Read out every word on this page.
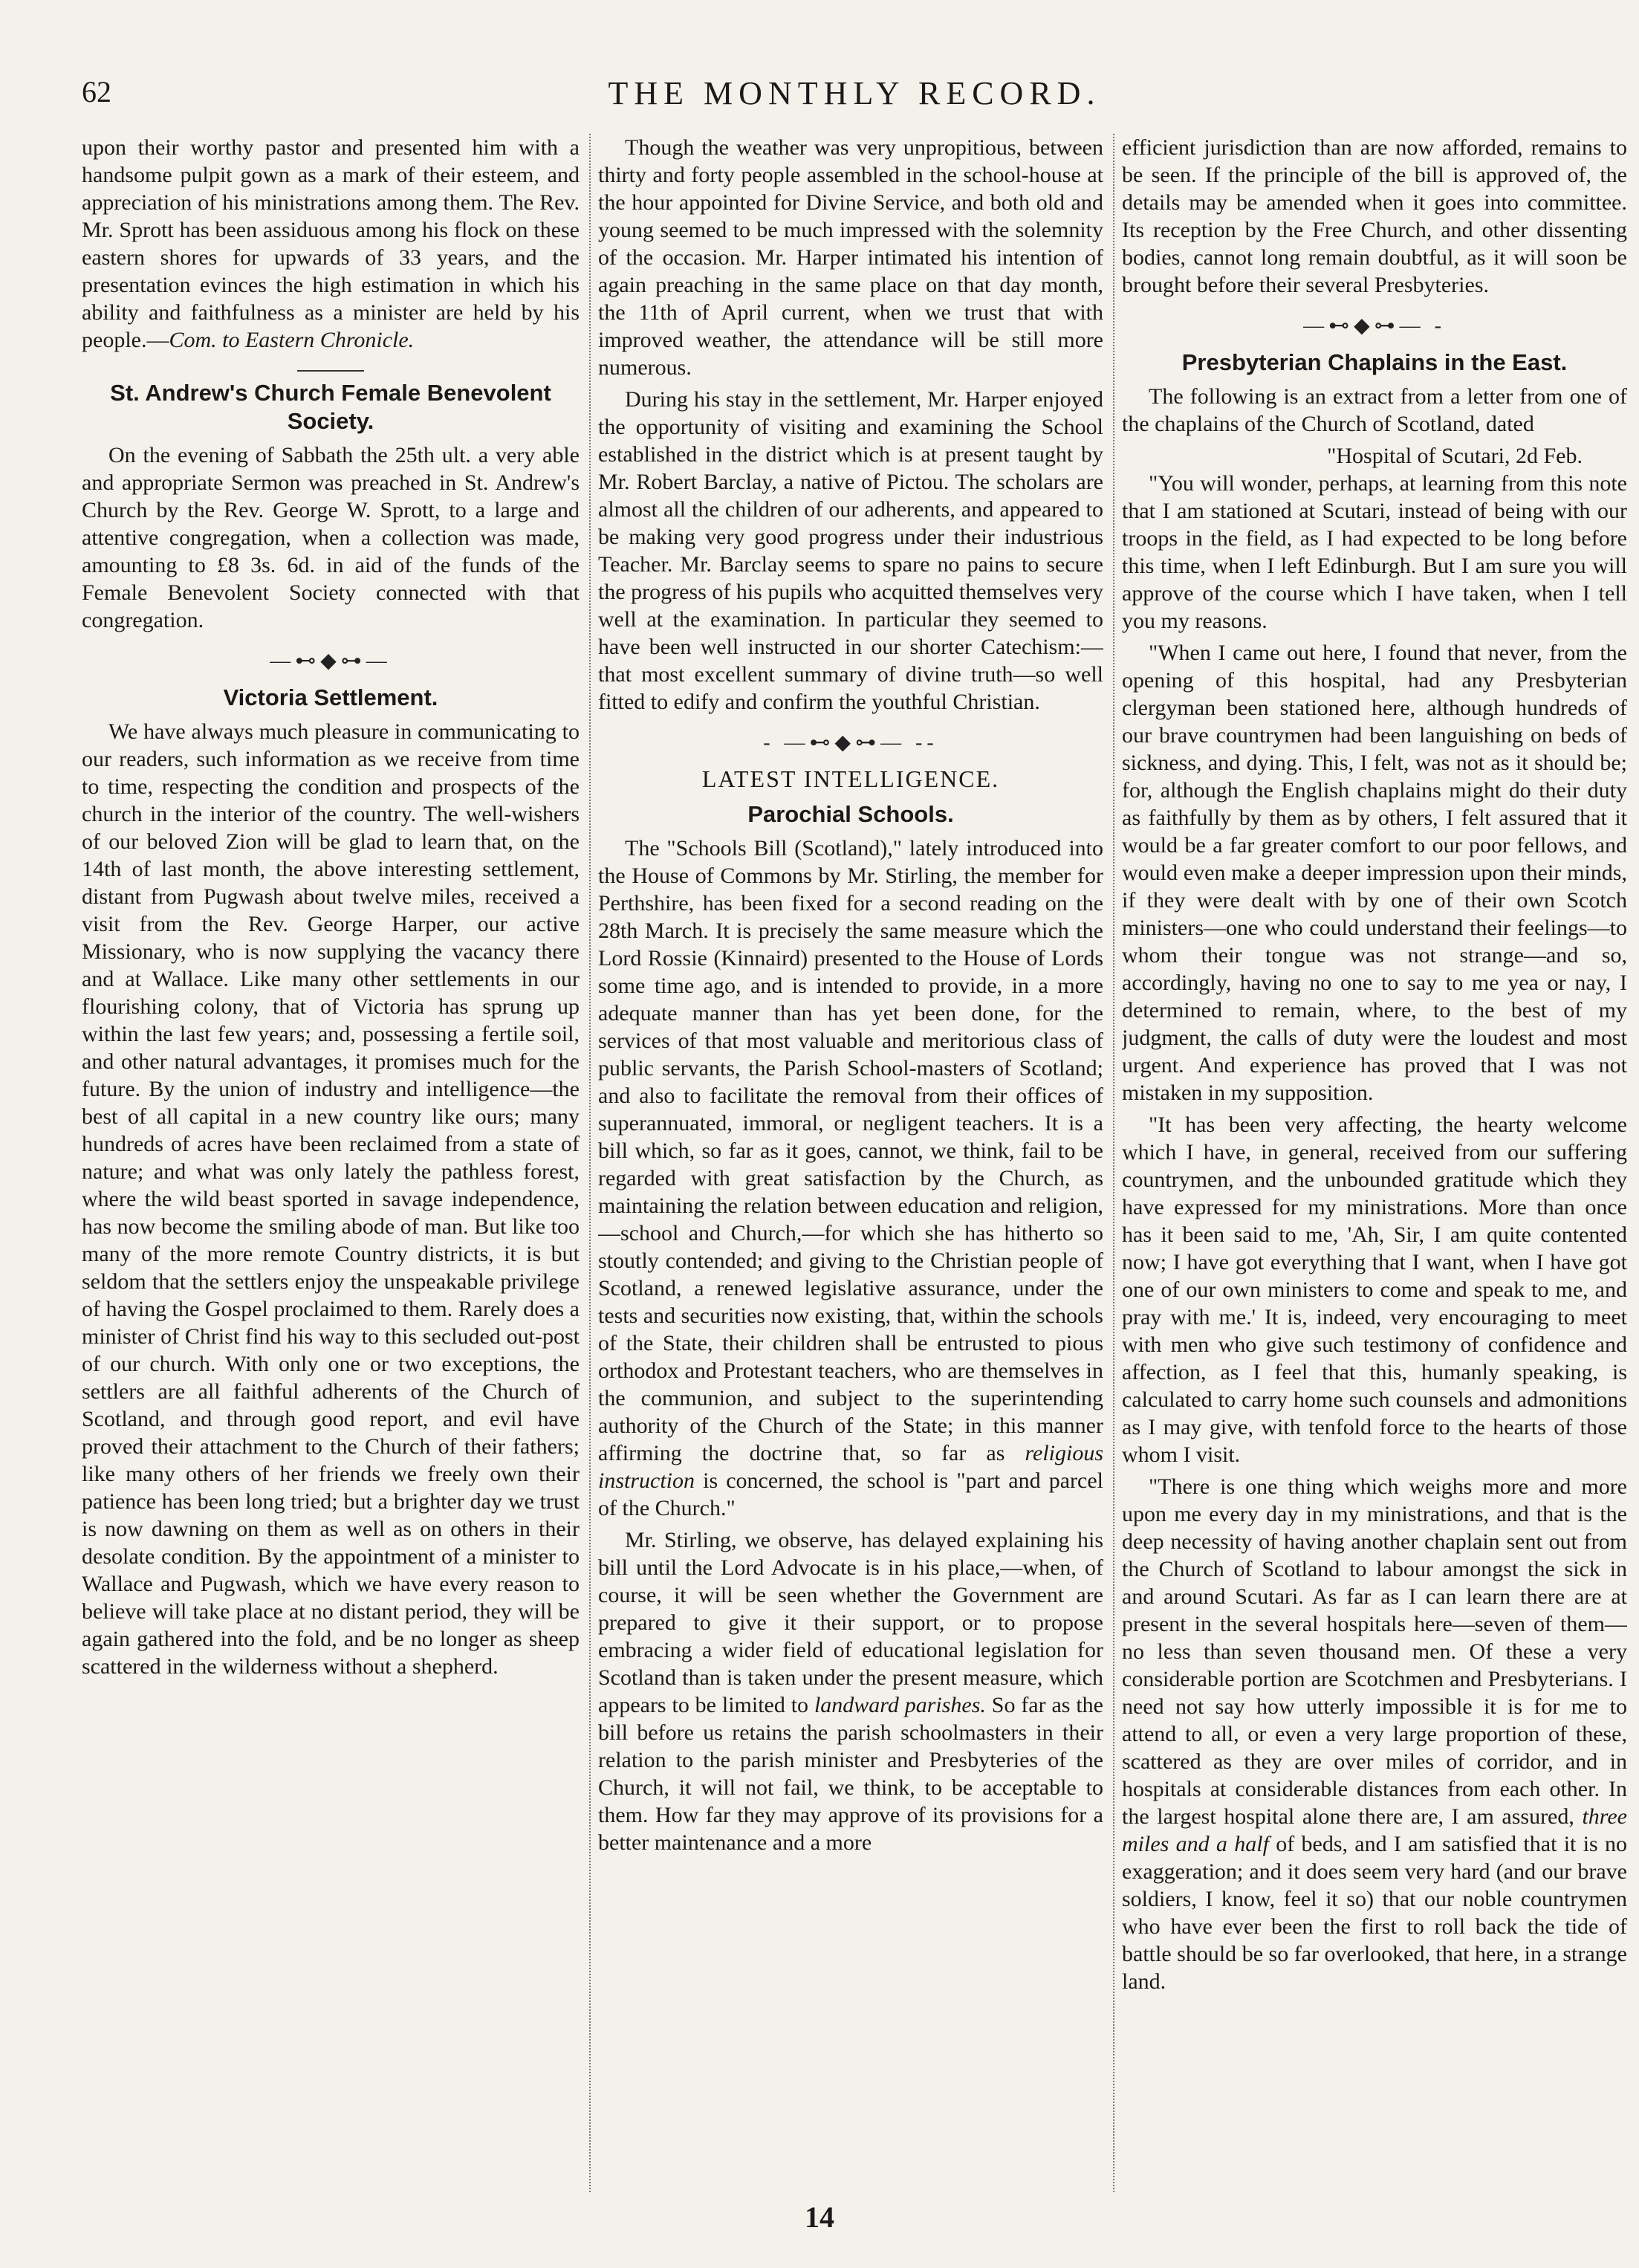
62	THE MONTHLY RECORD.

upon their worthy pastor and presented him with a handsome pulpit gown as a mark of their esteem, and appreciation of his ministrations among them. The Rev. Mr. Sprott has been assiduous among his flock on these eastern shores for upwards of 33 years, and the presentation evinces the high estimation in which his ability and faithfulness as a minister are held by his people.—Com. to Eastern Chronicle.

St. Andrew's Church Female Benevolent Society.

On the evening of Sabbath the 25th ult. a very able and appropriate Sermon was preached in St. Andrew's Church by the Rev. George W. Sprott, to a large and attentive congregation, when a collection was made, amounting to £8 3s. 6d. in aid of the funds of the Female Benevolent Society connected with that congregation.

—⊷◆⊶—
Victoria Settlement.

We have always much pleasure in communicating to our readers, such information as we receive from time to time, respecting the condition and prospects of the church in the interior of the country. The well-wishers of our beloved Zion will be glad to learn that, on the 14th of last month, the above interesting settlement, distant from Pugwash about twelve miles, received a visit from the Rev. George Harper, our active Missionary, who is now supplying the vacancy there and at Wallace. Like many other settlements in our flourishing colony, that of Victoria has sprung up within the last few years; and, possessing a fertile soil, and other natural advantages, it promises much for the future. By the union of industry and intelligence—the best of all capital in a new country like ours; many hundreds of acres have been reclaimed from a state of nature; and what was only lately the pathless forest, where the wild beast sported in savage independence, has now become the smiling abode of man. But like too many of the more remote Country districts, it is but seldom that the settlers enjoy the unspeakable privilege of having the Gospel proclaimed to them. Rarely does a minister of Christ find his way to this secluded out-post of our church. With only one or two exceptions, the settlers are all faithful adherents of the Church of Scotland, and through good report, and evil have proved their attachment to the Church of their fathers; like many others of her friends we freely own their patience has been long tried; but a brighter day we trust is now dawning on them as well as on others in their desolate condition. By the appointment of a minister to Wallace and Pugwash, which we have every reason to believe will take place at no distant period, they will be again gathered into the fold, and be no longer as sheep scattered in the wilderness without a shepherd.

Though the weather was very unpropitious, between thirty and forty people assembled in the school-house at the hour appointed for Divine Service, and both old and young seemed to be much impressed with the solemnity of the occasion. Mr. Harper intimated his intention of again preaching in the same place on that day month, the 11th of April current, when we trust that with improved weather, the attendance will be still more numerous.

During his stay in the settlement, Mr. Harper enjoyed the opportunity of visiting and examining the School established in the district which is at present taught by Mr. Robert Barclay, a native of Pictou. The scholars are almost all the children of our adherents, and appeared to be making very good progress under their industrious Teacher. Mr. Barclay seems to spare no pains to secure the progress of his pupils who acquitted themselves very well at the examination. In particular they seemed to have been well instructed in our shorter Catechism:—that most excellent summary of divine truth—so well fitted to edify and confirm the youthful Christian.

- —⊷◆⊶— --
LATEST INTELLIGENCE.
Parochial Schools.

The "Schools Bill (Scotland)," lately introduced into the House of Commons by Mr. Stirling, the member for Perthshire, has been fixed for a second reading on the 28th March. It is precisely the same measure which the Lord Rossie (Kinnaird) presented to the House of Lords some time ago, and is intended to provide, in a more adequate manner than has yet been done, for the services of that most valuable and meritorious class of public servants, the Parish School-masters of Scotland; and also to facilitate the removal from their offices of superannuated, immoral, or negligent teachers. It is a bill which, so far as it goes, cannot, we think, fail to be regarded with great satisfaction by the Church, as maintaining the relation between education and religion,—school and Church,—for which she has hitherto so stoutly contended; and giving to the Christian people of Scotland, a renewed legislative assurance, under the tests and securities now existing, that, within the schools of the State, their children shall be entrusted to pious orthodox and Protestant teachers, who are themselves in the communion, and subject to the superintending authority of the Church of the State; in this manner affirming the doctrine that, so far as religious instruction is concerned, the school is "part and parcel of the Church."

Mr. Stirling, we observe, has delayed explaining his bill until the Lord Advocate is in his place,—when, of course, it will be seen whether the Government are prepared to give it their support, or to propose embracing a wider field of educational legislation for Scotland than is taken under the present measure, which appears to be limited to landward parishes. So far as the bill before us retains the parish schoolmasters in their relation to the parish minister and Presbyteries of the Church, it will not fail, we think, to be acceptable to them. How far they may approve of its provisions for a better maintenance and a more

efficient jurisdiction than are now afforded, remains to be seen. If the principle of the bill is approved of, the details may be amended when it goes into committee. Its reception by the Free Church, and other dissenting bodies, cannot long remain doubtful, as it will soon be brought before their several Presbyteries.

—⊷◆⊶— -
Presbyterian Chaplains in the East.

The following is an extract from a letter from one of the chaplains of the Church of Scotland, dated

"Hospital of Scutari, 2d Feb.

"You will wonder, perhaps, at learning from this note that I am stationed at Scutari, instead of being with our troops in the field, as I had expected to be long before this time, when I left Edinburgh. But I am sure you will approve of the course which I have taken, when I tell you my reasons.

"When I came out here, I found that never, from the opening of this hospital, had any Presbyterian clergyman been stationed here, although hundreds of our brave countrymen had been languishing on beds of sickness, and dying. This, I felt, was not as it should be; for, although the English chaplains might do their duty as faithfully by them as by others, I felt assured that it would be a far greater comfort to our poor fellows, and would even make a deeper impression upon their minds, if they were dealt with by one of their own Scotch ministers—one who could understand their feelings—to whom their tongue was not strange—and so, accordingly, having no one to say to me yea or nay, I determined to remain, where, to the best of my judgment, the calls of duty were the loudest and most urgent. And experience has proved that I was not mistaken in my supposition.

"It has been very affecting, the hearty welcome which I have, in general, received from our suffering countrymen, and the unbounded gratitude which they have expressed for my ministrations. More than once has it been said to me, 'Ah, Sir, I am quite contented now; I have got everything that I want, when I have got one of our own ministers to come and speak to me, and pray with me.' It is, indeed, very encouraging to meet with men who give such testimony of confidence and affection, as I feel that this, humanly speaking, is calculated to carry home such counsels and admonitions as I may give, with tenfold force to the hearts of those whom I visit.

"There is one thing which weighs more and more upon me every day in my ministrations, and that is the deep necessity of having another chaplain sent out from the Church of Scotland to labour amongst the sick in and around Scutari. As far as I can learn there are at present in the several hospitals here—seven of them—no less than seven thousand men. Of these a very considerable portion are Scotchmen and Presbyterians. I need not say how utterly impossible it is for me to attend to all, or even a very large proportion of these, scattered as they are over miles of corridor, and in hospitals at considerable distances from each other. In the largest hospital alone there are, I am assured, three miles and a half of beds, and I am satisfied that it is no exaggeration; and it does seem very hard (and our brave soldiers, I know, feel it so) that our noble countrymen who have ever been the first to roll back the tide of battle should be so far overlooked, that here, in a strange land.

14
